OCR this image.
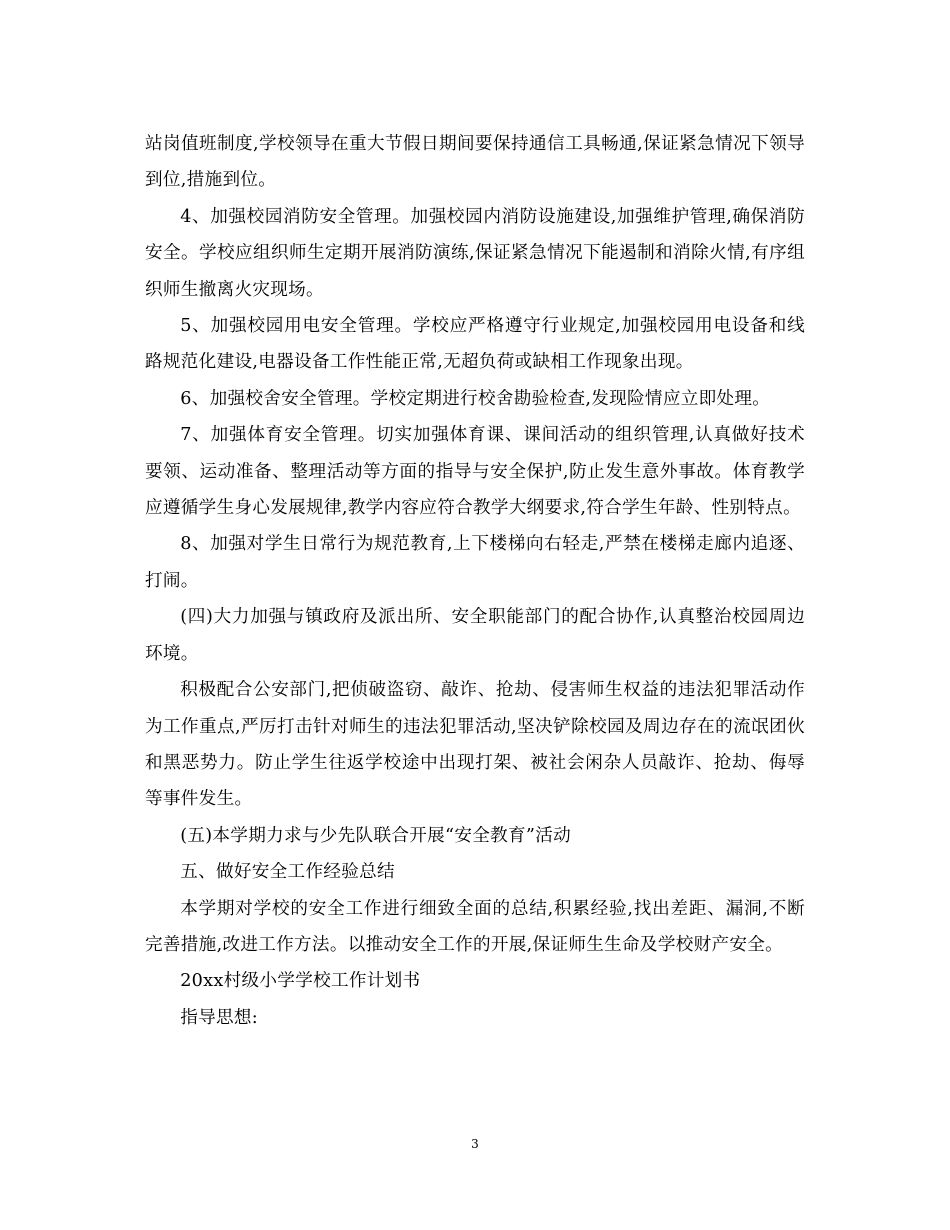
站岗值班制度,学校领导在重大节假日期间要保持通信工具畅通,保证紧急情况下领导到位,措施到位。

4、加强校园消防安全管理。加强校园内消防设施建设,加强维护管理,确保消防安全。学校应组织师生定期开展消防演练,保证紧急情况下能遏制和消除火情,有序组织师生撤离火灾现场。

5、加强校园用电安全管理。学校应严格遵守行业规定,加强校园用电设备和线路规范化建设,电器设备工作性能正常,无超负荷或缺相工作现象出现。

6、加强校舍安全管理。学校定期进行校舍勘验检查,发现险情应立即处理。

7、加强体育安全管理。切实加强体育课、课间活动的组织管理,认真做好技术要领、运动准备、整理活动等方面的指导与安全保护,防止发生意外事故。体育教学应遵循学生身心发展规律,教学内容应符合教学大纲要求,符合学生年龄、性别特点。

8、加强对学生日常行为规范教育,上下楼梯向右轻走,严禁在楼梯走廊内追逐、打闹。

(四)大力加强与镇政府及派出所、安全职能部门的配合协作,认真整治校园周边环境。

积极配合公安部门,把侦破盗窃、敲诈、抢劫、侵害师生权益的违法犯罪活动作为工作重点,严厉打击针对师生的违法犯罪活动,坚决铲除校园及周边存在的流氓团伙和黑恶势力。防止学生往返学校途中出现打架、被社会闲杂人员敲诈、抢劫、侮辱等事件发生。

(五)本学期力求与少先队联合开展“安全教育”活动

五、做好安全工作经验总结

本学期对学校的安全工作进行细致全面的总结,积累经验,找出差距、漏洞,不断完善措施,改进工作方法。以推动安全工作的开展,保证师生生命及学校财产安全。

20xx村级小学学校工作计划书

指导思想:

3
